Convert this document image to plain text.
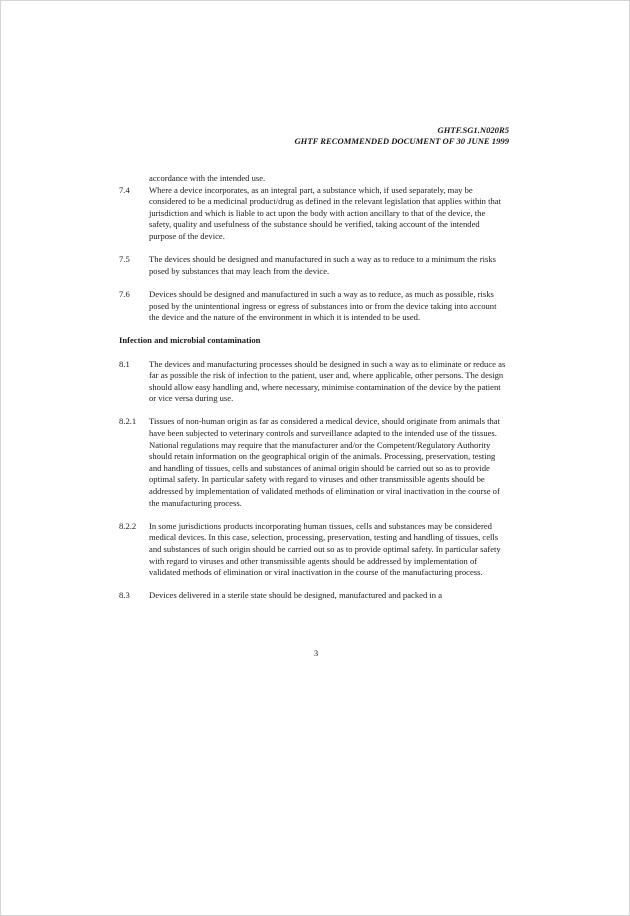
GHTF.SG1.N020R5
GHTF RECOMMENDED DOCUMENT OF 30 JUNE 1999
accordance with the intended use.
7.4	Where a device incorporates, as an integral part, a substance which, if used separately, may be considered to be a medicinal product/drug as defined in the relevant legislation that applies within that jurisdiction and which is liable to act upon the body with action ancillary to that of the device, the safety, quality and usefulness of the substance should be verified, taking account of the intended purpose of the device.
7.5	The devices should be designed and manufactured in such a way as to reduce to a minimum the risks posed by substances that may leach from the device.
7.6	Devices should be designed and manufactured in such a way as to reduce, as much as possible, risks posed by the unintentional ingress or egress of substances into or from the device taking into account the device and the nature of the environment in which it is intended to be used.
Infection and microbial contamination
8.1	The devices and manufacturing processes should be designed in such a way as to eliminate or reduce as far as possible the risk of infection to the patient, user and, where applicable, other persons. The design should allow easy handling and, where necessary, minimise contamination of the device by the patient or vice versa during use.
8.2.1	Tissues of non-human origin as far as considered a medical device, should originate from animals that have been subjected to veterinary controls and surveillance adapted to the intended use of the tissues. National regulations may require that the manufacturer and/or the Competent/Regulatory Authority should retain information on the geographical origin of the animals. Processing, preservation, testing and handling of tissues, cells and substances of animal origin should be carried out so as to provide optimal safety. In particular safety with regard to viruses and other transmissible agents should be addressed by implementation of validated methods of elimination or viral inactivation in the course of the manufacturing process.
8.2.2	In some jurisdictions products incorporating human tissues, cells and substances may be considered medical devices. In this case, selection, processing, preservation, testing and handling of tissues, cells and substances of such origin should be carried out so as to provide optimal safety. In particular safety with regard to viruses and other transmissible agents should be addressed by implementation of validated methods of elimination or viral inactivation in the course of the manufacturing process.
8.3	Devices delivered in a sterile state should be designed, manufactured and packed in a
3
